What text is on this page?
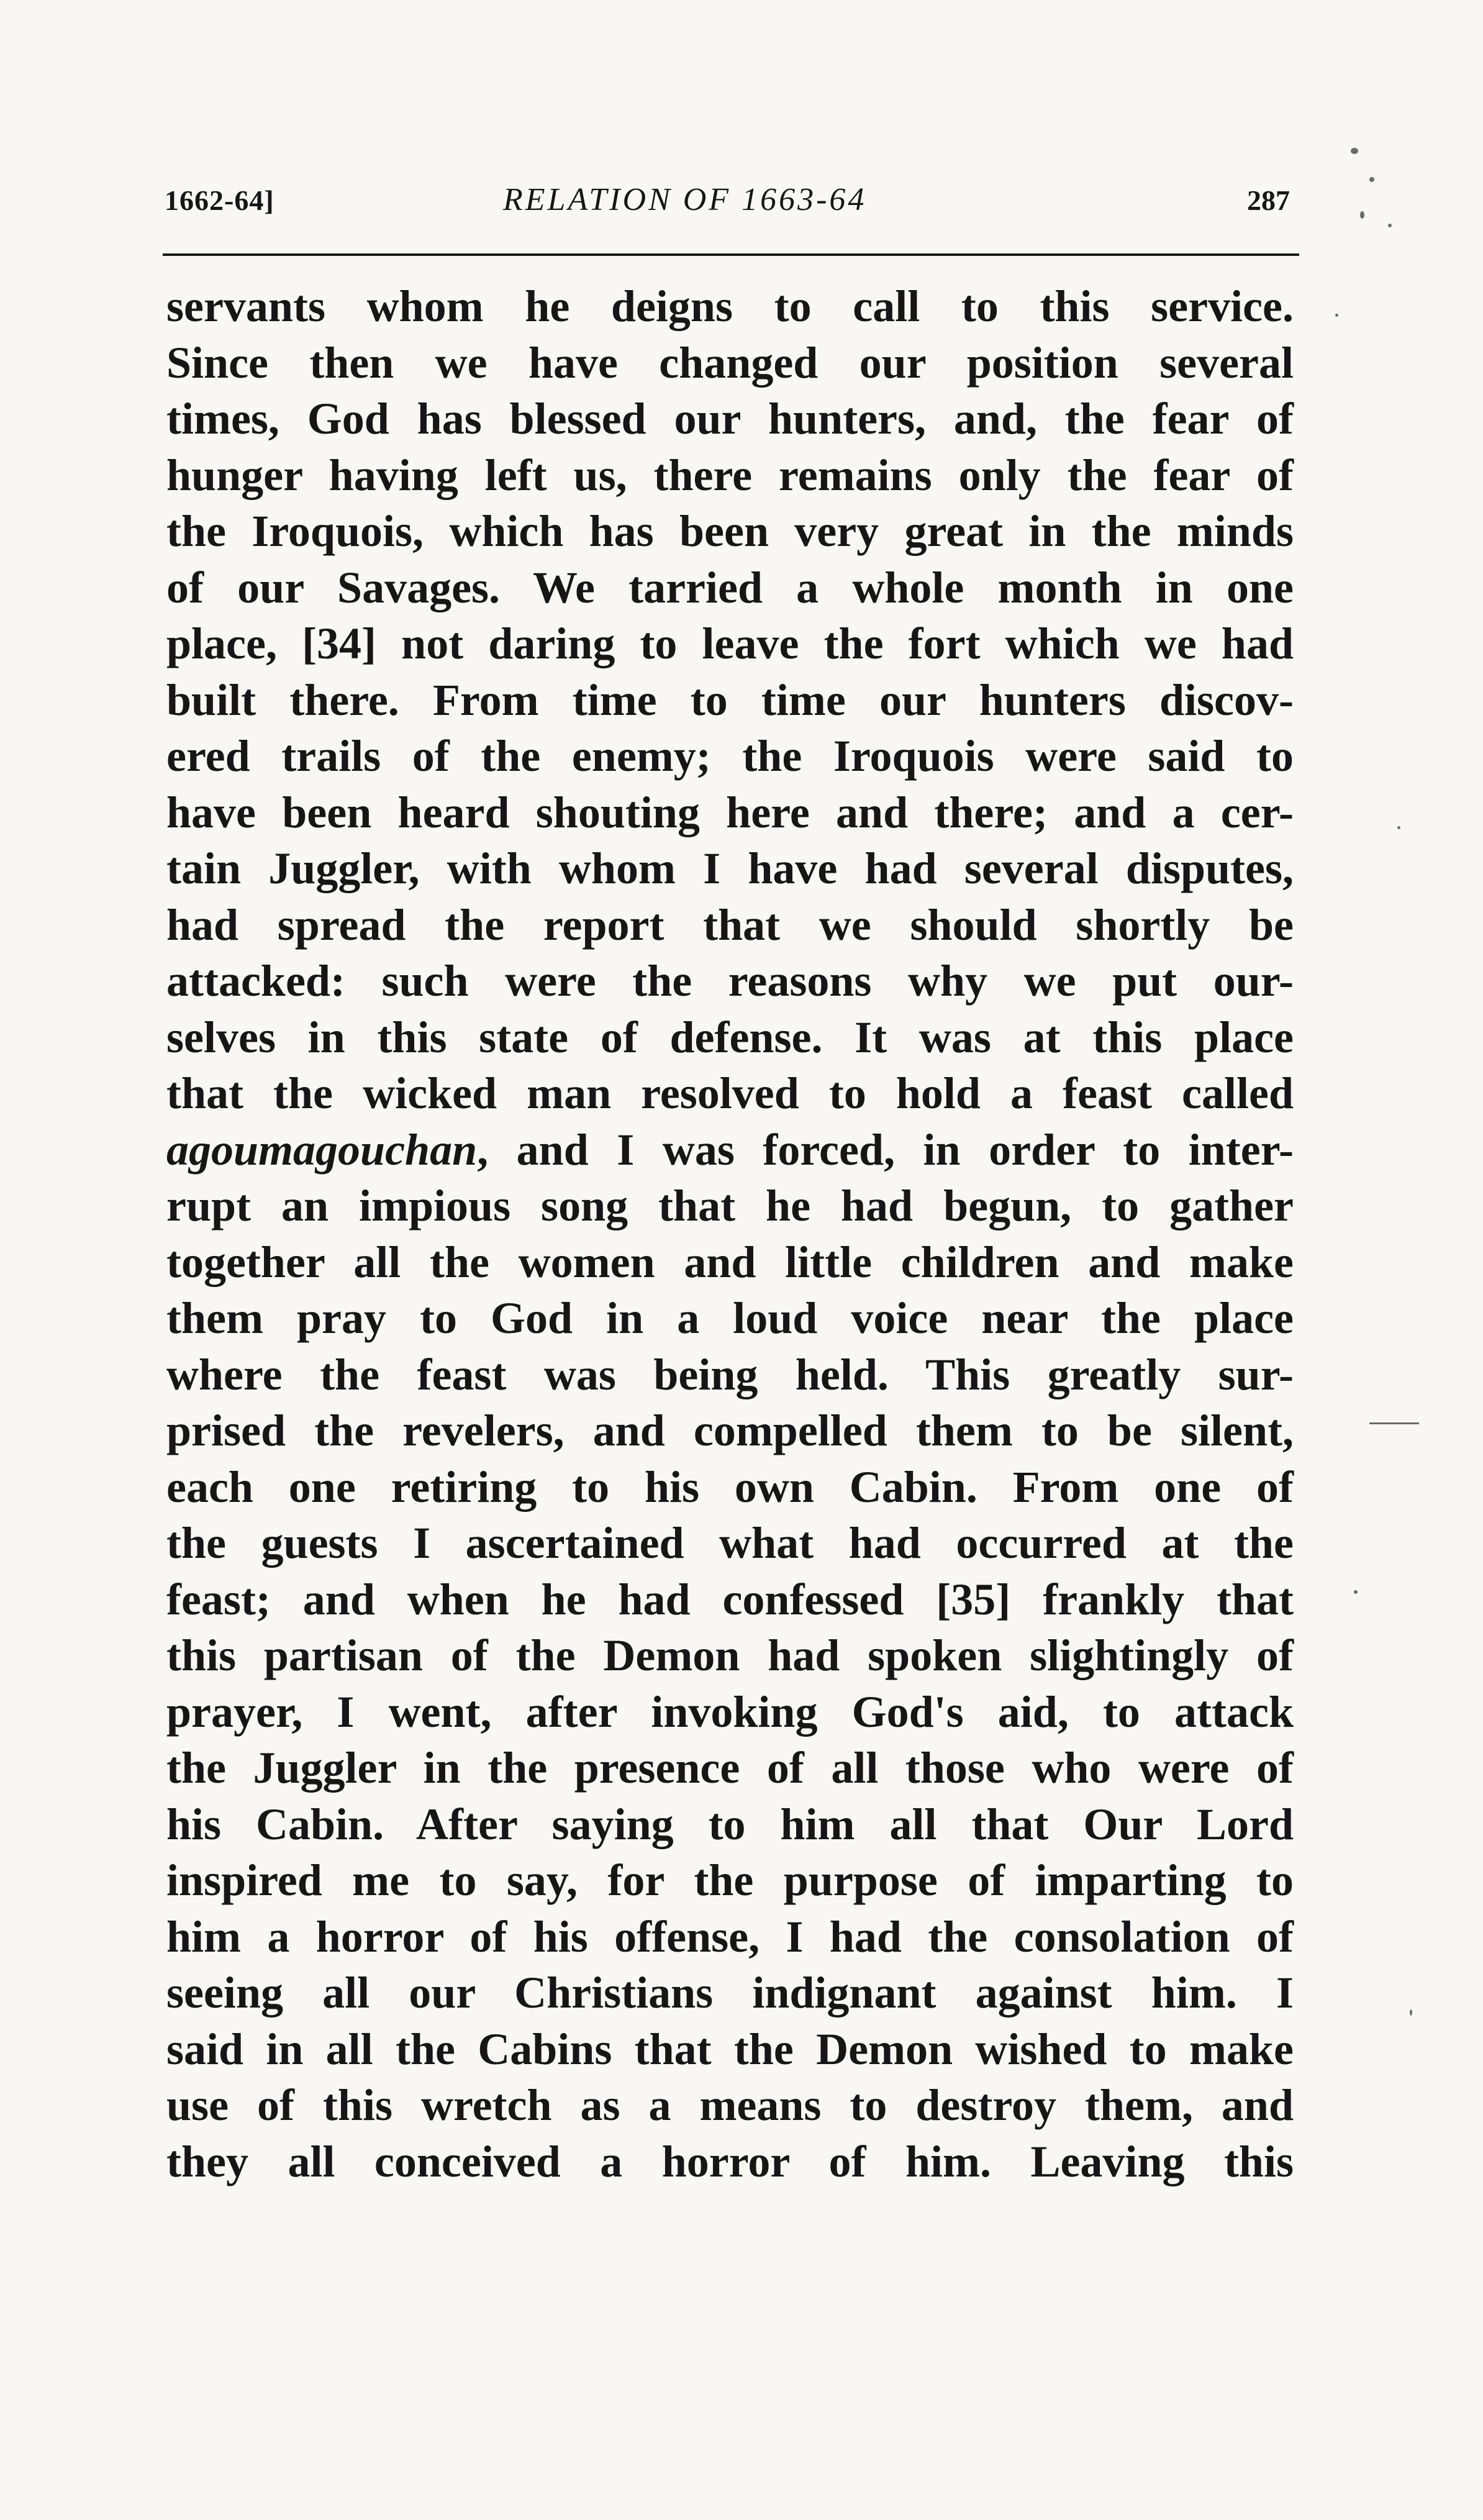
1662-64]	RELATION OF 1663-64	287
servants whom he deigns to call to this service.
Since then we have changed our position several
times, God has blessed our hunters, and, the fear of
hunger having left us, there remains only the fear of
the Iroquois, which has been very great in the minds
of our Savages. We tarried a whole month in one
place, [34] not daring to leave the fort which we had
built there. From time to time our hunters discov-
ered trails of the enemy; the Iroquois were said to
have been heard shouting here and there; and a cer-
tain Juggler, with whom I have had several disputes,
had spread the report that we should shortly be
attacked: such were the reasons why we put our-
selves in this state of defense. It was at this place
that the wicked man resolved to hold a feast called
agoumagouchan, and I was forced, in order to inter-
rupt an impious song that he had begun, to gather
together all the women and little children and make
them pray to God in a loud voice near the place
where the feast was being held. This greatly sur-
prised the revelers, and compelled them to be silent,
each one retiring to his own Cabin. From one of
the guests I ascertained what had occurred at the
feast; and when he had confessed [35] frankly that
this partisan of the Demon had spoken slightingly of
prayer, I went, after invoking God's aid, to attack
the Juggler in the presence of all those who were of
his Cabin. After saying to him all that Our Lord
inspired me to say, for the purpose of imparting to
him a horror of his offense, I had the consolation of
seeing all our Christians indignant against him. I
said in all the Cabins that the Demon wished to make
use of this wretch as a means to destroy them, and
they all conceived a horror of him. Leaving this
